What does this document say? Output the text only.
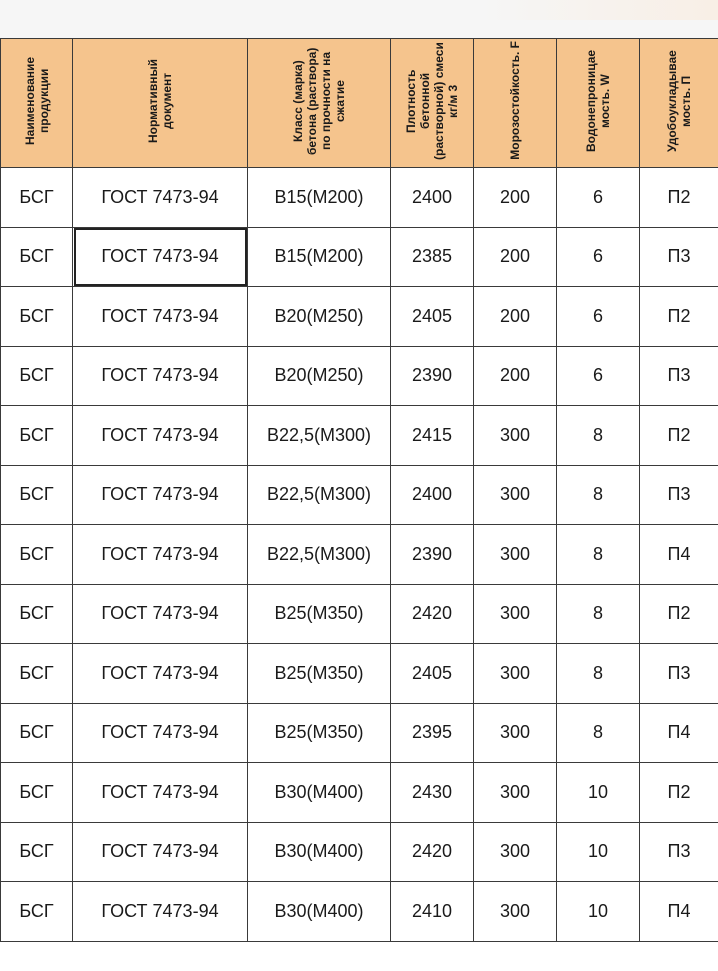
Наименование продукции	Нормативный документ	Класс (марка) бетона (раствора) по прочности на сжатие	Плотность бетонной (растворной) смеси кг/м 3	Морозостойкость. F	Водонепроницае мость. W	Удобоукладывае мость. П
БСГ	ГОСТ 7473-94	В15(М200)	2400	200	6	П2
БСГ	ГОСТ 7473-94	В15(М200)	2385	200	6	П3
БСГ	ГОСТ 7473-94	В20(М250)	2405	200	6	П2
БСГ	ГОСТ 7473-94	В20(М250)	2390	200	6	П3
БСГ	ГОСТ 7473-94	В22,5(М300)	2415	300	8	П2
БСГ	ГОСТ 7473-94	В22,5(М300)	2400	300	8	П3
БСГ	ГОСТ 7473-94	В22,5(М300)	2390	300	8	П4
БСГ	ГОСТ 7473-94	В25(М350)	2420	300	8	П2
БСГ	ГОСТ 7473-94	В25(М350)	2405	300	8	П3
БСГ	ГОСТ 7473-94	В25(М350)	2395	300	8	П4
БСГ	ГОСТ 7473-94	В30(М400)	2430	300	10	П2
БСГ	ГОСТ 7473-94	В30(М400)	2420	300	10	П3
БСГ	ГОСТ 7473-94	В30(М400)	2410	300	10	П4
